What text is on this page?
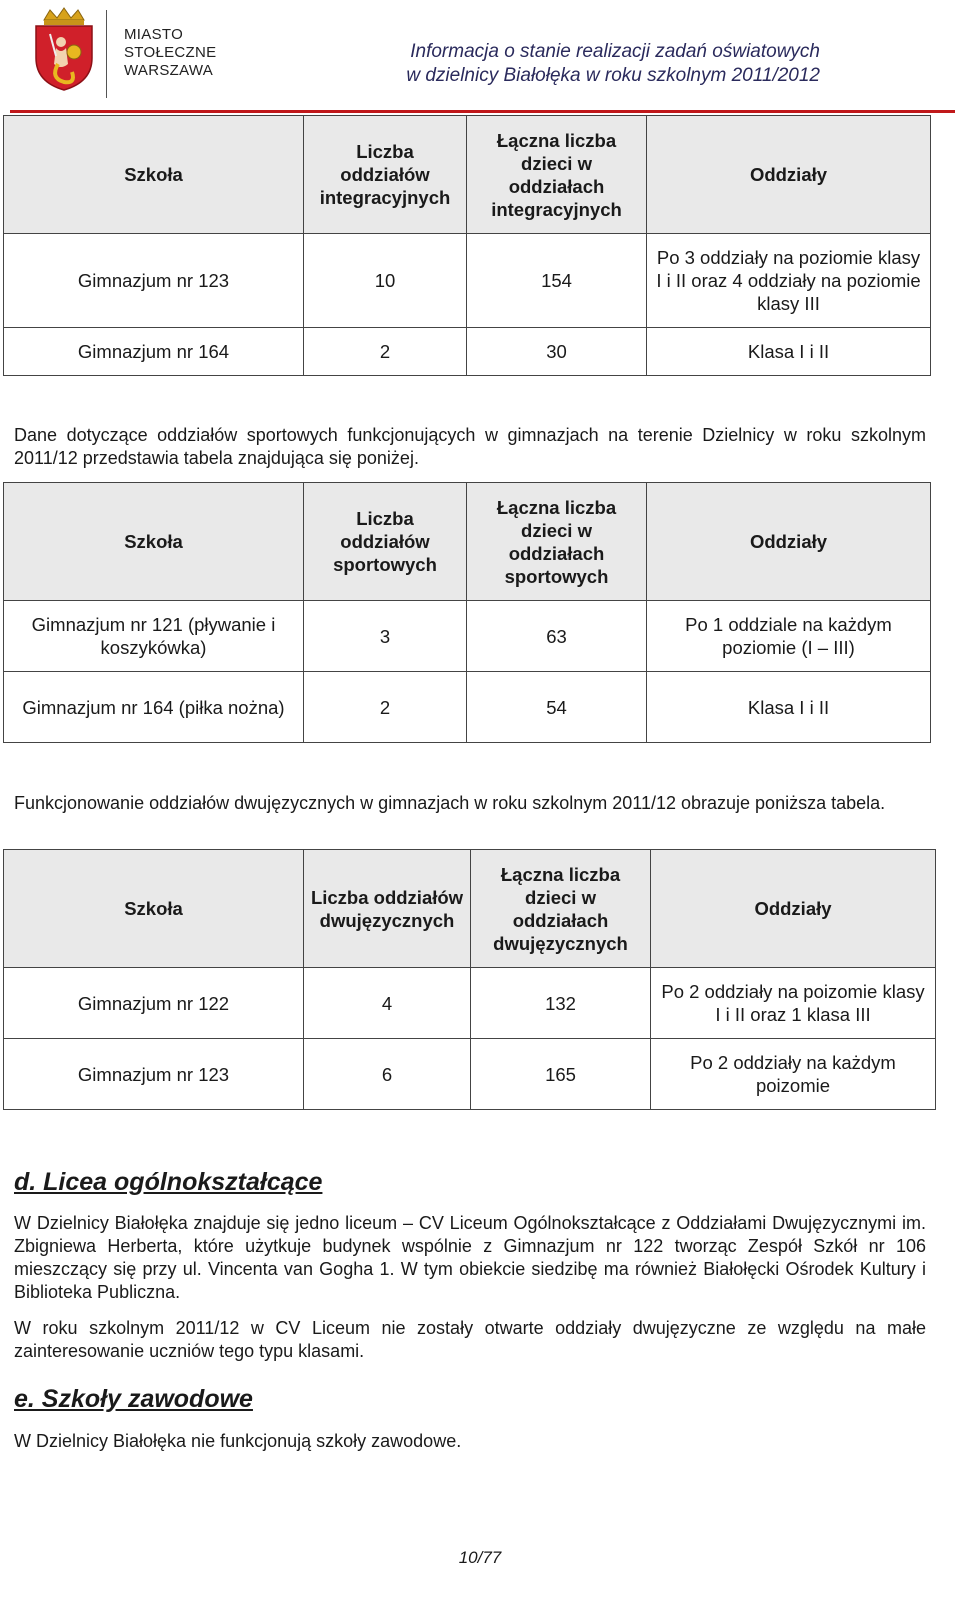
MIASTO
STOŁECZNE
WARSZAWA
Informacja o stanie realizacji zadań oświatowych
w dzielnicy Białołęka w roku szkolnym 2011/2012
Szkoła	Liczba oddziałów integracyjnych	Łączna liczba dzieci w oddziałach integracyjnych	Oddziały
Gimnazjum nr 123	10	154	Po 3 oddziały na poziomie klasy I i II oraz 4 oddziały na poziomie klasy III
Gimnazjum nr 164	2	30	Klasa I i II
Dane dotyczące oddziałów sportowych funkcjonujących w gimnazjach na terenie Dzielnicy w roku szkolnym 2011/12 przedstawia tabela znajdująca się poniżej.
Szkoła	Liczba oddziałów sportowych	Łączna liczba dzieci w oddziałach sportowych	Oddziały
Gimnazjum nr 121 (pływanie i koszykówka)	3	63	Po 1 oddziale na każdym poziomie (I – III)
Gimnazjum nr 164 (piłka nożna)	2	54	Klasa I i II
Funkcjonowanie oddziałów dwujęzycznych w gimnazjach w roku szkolnym 2011/12 obrazuje poniższa tabela.
Szkoła	Liczba oddziałów dwujęzycznych	Łączna liczba dzieci w oddziałach dwujęzycznych	Oddziały
Gimnazjum nr 122	4	132	Po 2 oddziały na poizomie klasy I i II oraz 1 klasa III
Gimnazjum nr 123	6	165	Po 2 oddziały na każdym poizomie
d. Licea ogólnokształcące
W Dzielnicy Białołęka znajduje się jedno liceum – CV Liceum Ogólnokształcące z Oddziałami Dwujęzycznymi im. Zbigniewa Herberta, które użytkuje budynek wspólnie z Gimnazjum nr 122 tworząc Zespół Szkół nr 106 mieszczący się przy ul. Vincenta van Gogha 1. W tym obiekcie siedzibę ma również Białołęcki Ośrodek Kultury i Biblioteka Publiczna.
W roku szkolnym 2011/12 w CV Liceum nie zostały otwarte oddziały dwujęzyczne ze względu na małe zainteresowanie uczniów tego typu klasami.
e. Szkoły zawodowe
W Dzielnicy Białołęka nie funkcjonują szkoły zawodowe.
10/77
